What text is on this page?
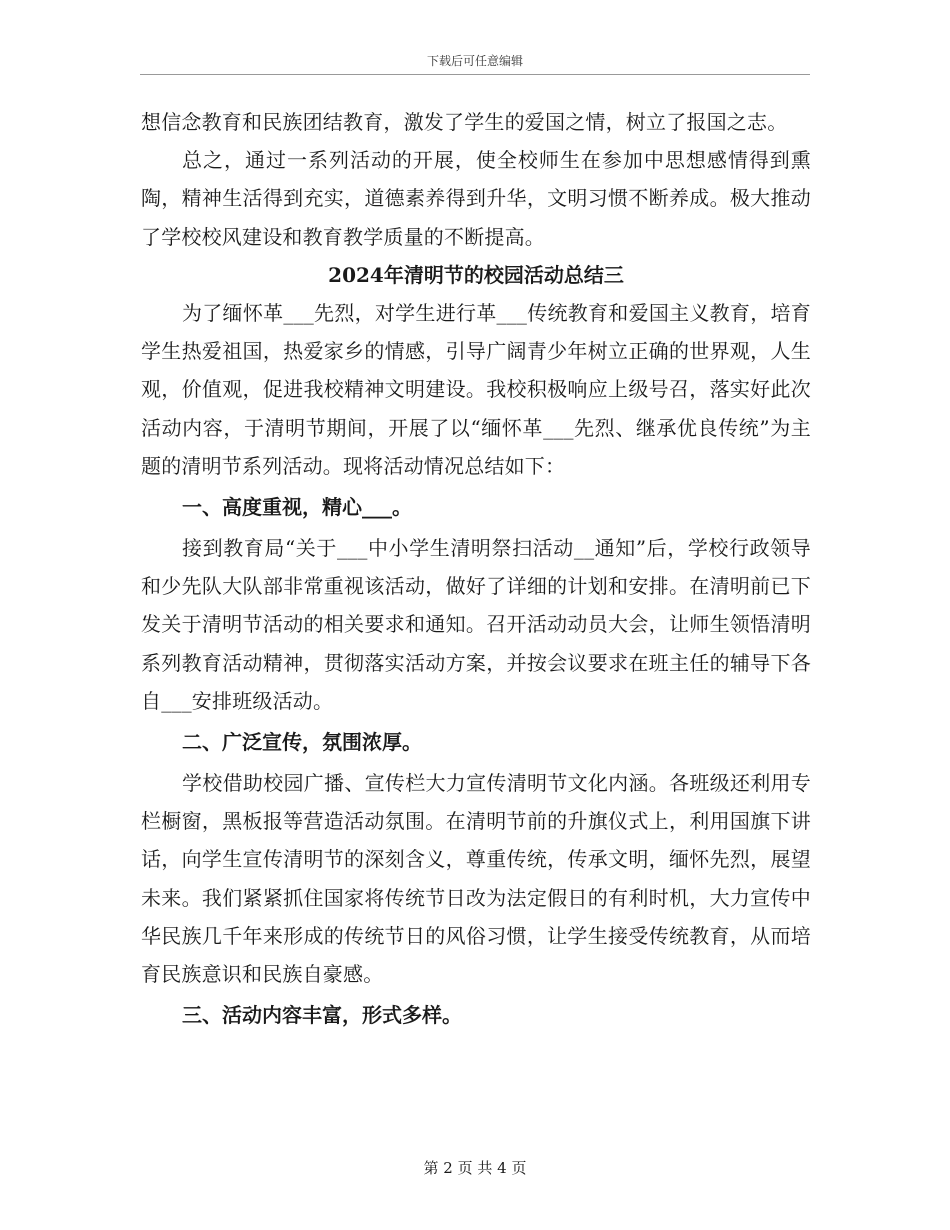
下载后可任意编辑

想信念教育和民族团结教育，激发了学生的爱国之情，树立了报国之志。

总之，通过一系列活动的开展，使全校师生在参加中思想感情得到熏陶，精神生活得到充实，道德素养得到升华，文明习惯不断养成。极大推动了学校校风建设和教育教学质量的不断提高。

2024年清明节的校园活动总结三

为了缅怀革___先烈，对学生进行革___传统教育和爱国主义教育，培育学生热爱祖国，热爱家乡的情感，引导广阔青少年树立正确的世界观，人生观，价值观，促进我校精神文明建设。我校积极响应上级号召，落实好此次活动内容，于清明节期间，开展了以“缅怀革___先烈、继承优良传统”为主题的清明节系列活动。现将活动情况总结如下：

一、高度重视，精心___。

接到教育局“关于___中小学生清明祭扫活动__通知”后，学校行政领导和少先队大队部非常重视该活动，做好了详细的计划和安排。在清明前已下发关于清明节活动的相关要求和通知。召开活动动员大会，让师生领悟清明系列教育活动精神，贯彻落实活动方案，并按会议要求在班主任的辅导下各自___安排班级活动。

二、广泛宣传，氛围浓厚。

学校借助校园广播、宣传栏大力宣传清明节文化内涵。各班级还利用专栏橱窗，黑板报等营造活动氛围。在清明节前的升旗仪式上，利用国旗下讲话，向学生宣传清明节的深刻含义，尊重传统，传承文明，缅怀先烈，展望未来。我们紧紧抓住国家将传统节日改为法定假日的有利时机，大力宣传中华民族几千年来形成的传统节日的风俗习惯，让学生接受传统教育，从而培育民族意识和民族自豪感。

三、活动内容丰富，形式多样。

第 2 页 共 4 页
